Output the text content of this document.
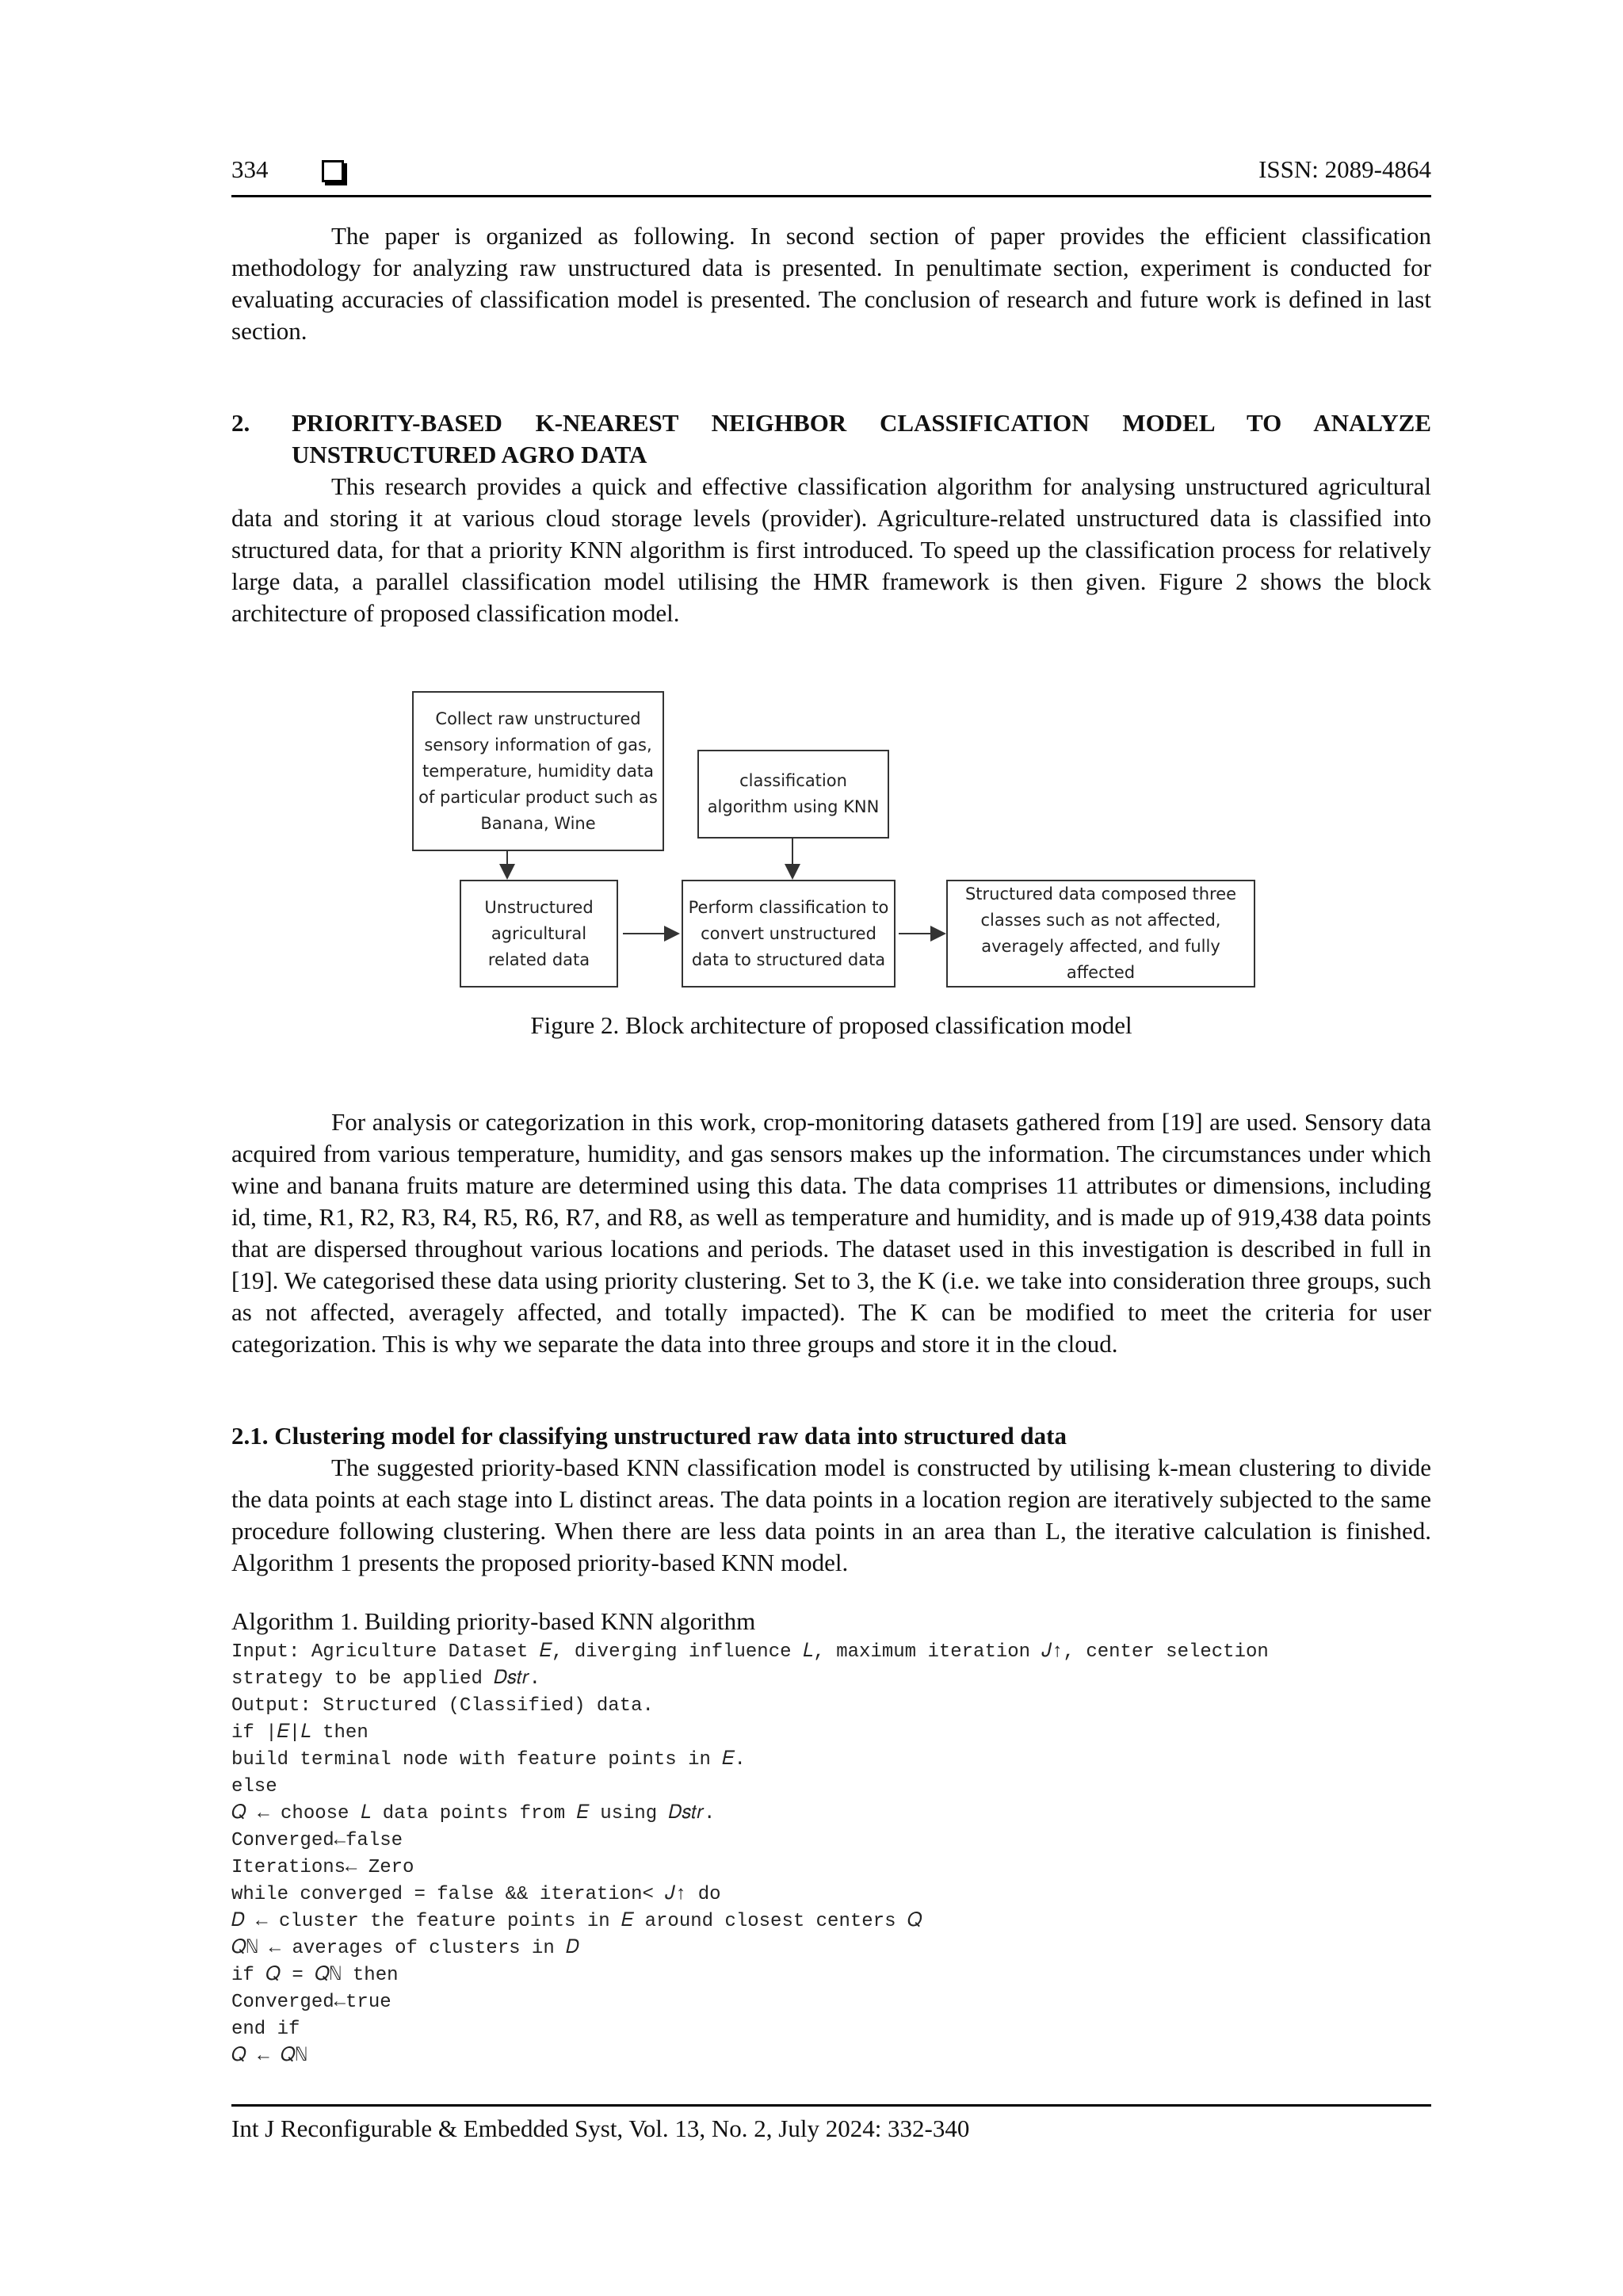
334	ISSN: 2089-4864

The paper is organized as following. In second section of paper provides the efficient classification methodology for analyzing raw unstructured data is presented. In penultimate section, experiment is conducted for evaluating accuracies of classification model is presented. The conclusion of research and future work is defined in last section.

2. PRIORITY-BASED K-NEAREST NEIGHBOR CLASSIFICATION MODEL TO ANALYZE UNSTRUCTURED AGRO DATA

This research provides a quick and effective classification algorithm for analysing unstructured agricultural data and storing it at various cloud storage levels (provider). Agriculture-related unstructured data is classified into structured data, for that a priority KNN algorithm is first introduced. To speed up the classification process for relatively large data, a parallel classification model utilising the HMR framework is then given. Figure 2 shows the block architecture of proposed classification model.

Collect raw unstructured sensory information of gas, temperature, humidity data of particular product such as Banana, Wine
classification algorithm using KNN
Unstructured agricultural related data
Perform classification to convert unstructured data to structured data
Structured data composed three classes such as not affected, averagely affected, and fully affected
Figure 2. Block architecture of proposed classification model

For analysis or categorization in this work, crop-monitoring datasets gathered from [19] are used. Sensory data acquired from various temperature, humidity, and gas sensors makes up the information. The circumstances under which wine and banana fruits mature are determined using this data. The data comprises 11 attributes or dimensions, including id, time, R1, R2, R3, R4, R5, R6, R7, and R8, as well as temperature and humidity, and is made up of 919,438 data points that are dispersed throughout various locations and periods. The dataset used in this investigation is described in full in [19]. We categorised these data using priority clustering. Set to 3, the K (i.e. we take into consideration three groups, such as not affected, averagely affected, and totally impacted). The K can be modified to meet the criteria for user categorization. This is why we separate the data into three groups and store it in the cloud.

2.1. Clustering model for classifying unstructured raw data into structured data

The suggested priority-based KNN classification model is constructed by utilising k-mean clustering to divide the data points at each stage into L distinct areas. The data points in a location region are iteratively subjected to the same procedure following clustering. When there are less data points in an area than L, the iterative calculation is finished. Algorithm 1 presents the proposed priority-based KNN model.

Algorithm 1. Building priority-based KNN algorithm
Input: Agriculture Dataset 𝐸, diverging influence 𝐿, maximum iteration 𝐽↑, center selection
strategy to be applied 𝐷𝑠𝑡𝑟.
Output: Structured (Classified) data.
if |𝐸|𝐿 then
build terminal node with feature points in 𝐸.
else
𝑄 ← choose 𝐿 data points from 𝐸 using 𝐷𝑠𝑡𝑟.
Converged←false
Iterations← Zero
while converged = false && iteration< 𝐽↑ do
𝐷 ← cluster the feature points in 𝐸 around closest centers 𝑄
𝑄ℕ ← averages of clusters in 𝐷
if 𝑄 = 𝑄ℕ then
Converged←true
end if
𝑄 ← 𝑄ℕ
Int J Reconfigurable & Embedded Syst, Vol. 13, No. 2, July 2024: 332-340
